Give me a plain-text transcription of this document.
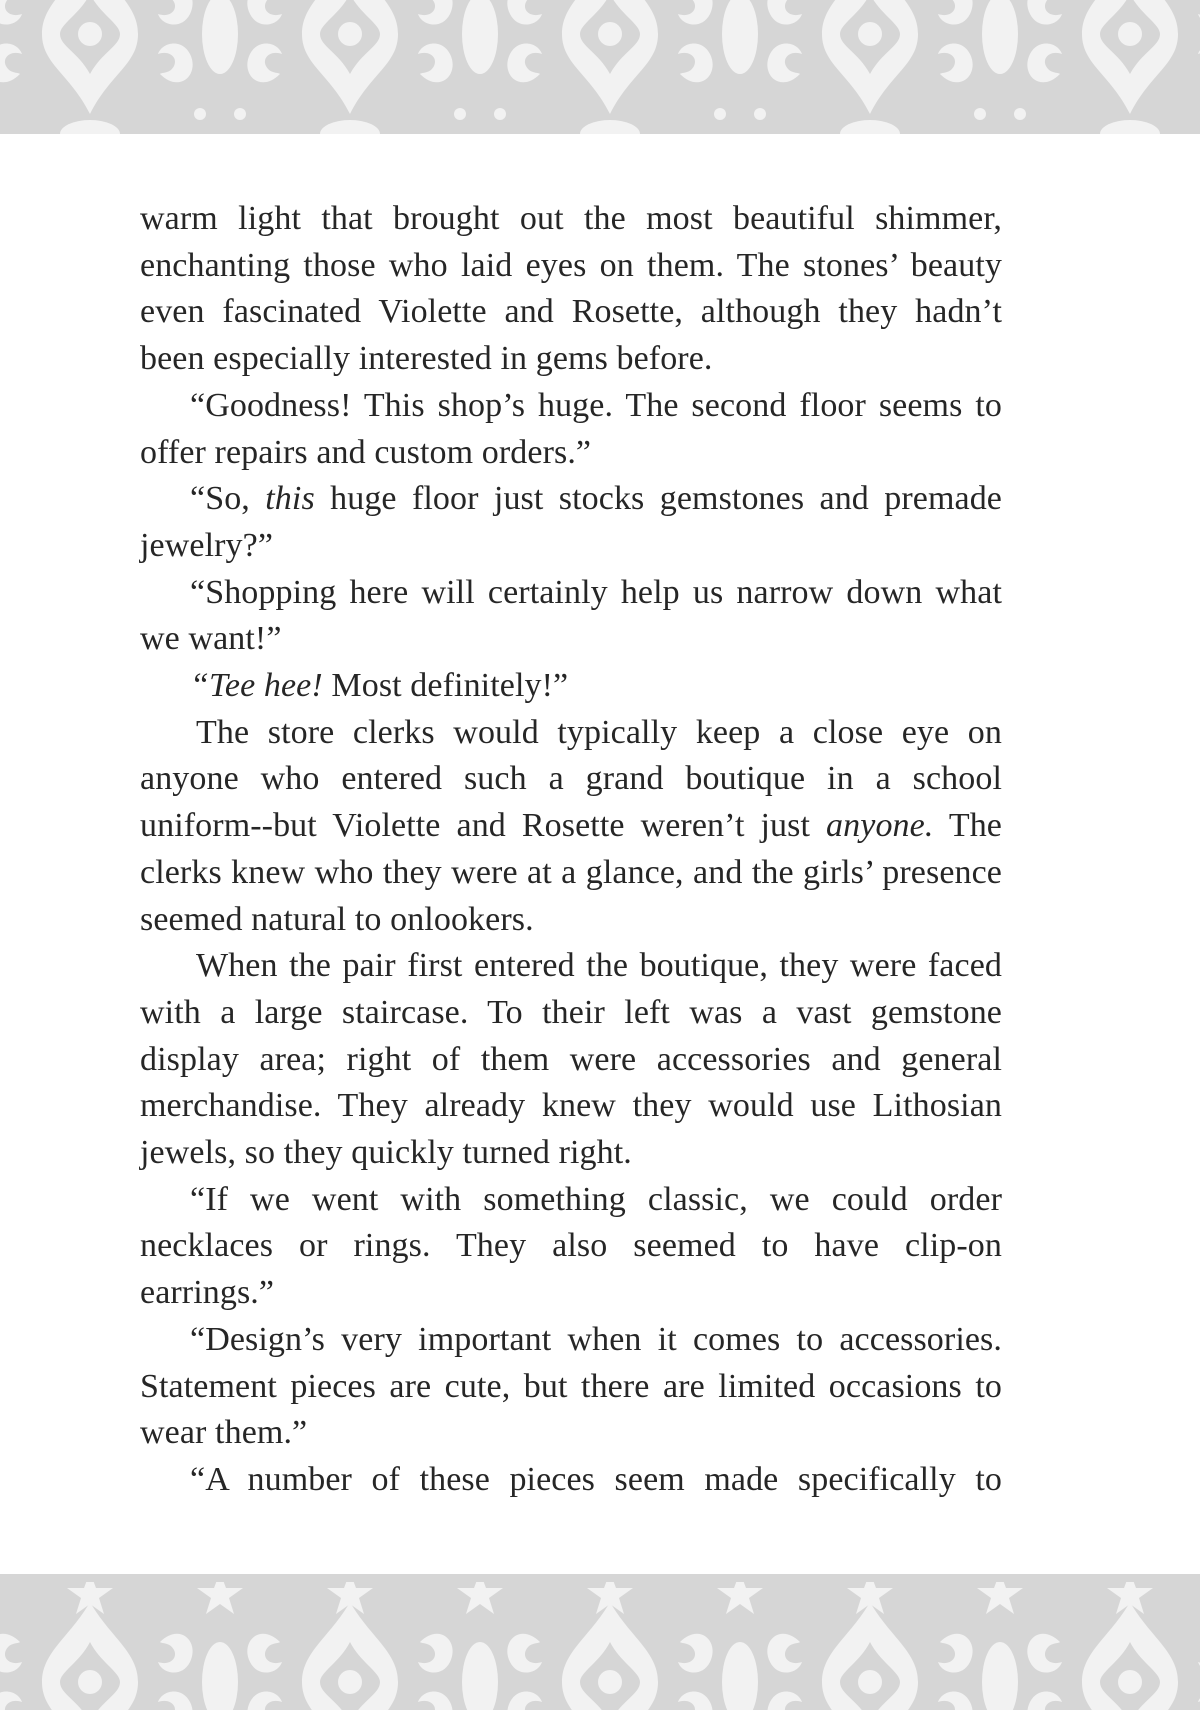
warm light that brought out the most beautiful shimmer, enchanting those who laid eyes on them. The stones’ beauty even fascinated Violette and Rosette, although they hadn’t been especially interested in gems before.

“Goodness! This shop’s huge. The second floor seems to offer repairs and custom orders.”

“So, this huge floor just stocks gemstones and premade jewelry?”

“Shopping here will certainly help us narrow down what we want!”

“Tee hee! Most definitely!”

The store clerks would typically keep a close eye on anyone who entered such a grand boutique in a school uniform--but Violette and Rosette weren’t just anyone. The clerks knew who they were at a glance, and the girls’ presence seemed natural to onlookers.

When the pair first entered the boutique, they were faced with a large staircase. To their left was a vast gemstone display area; right of them were accessories and general merchandise. They already knew they would use Lithosian jewels, so they quickly turned right.

“If we went with something classic, we could order necklaces or rings. They also seemed to have clip-on earrings.”

“Design’s very important when it comes to accessories. Statement pieces are cute, but there are limited occasions to wear them.”

“A number of these pieces seem made specifically to
